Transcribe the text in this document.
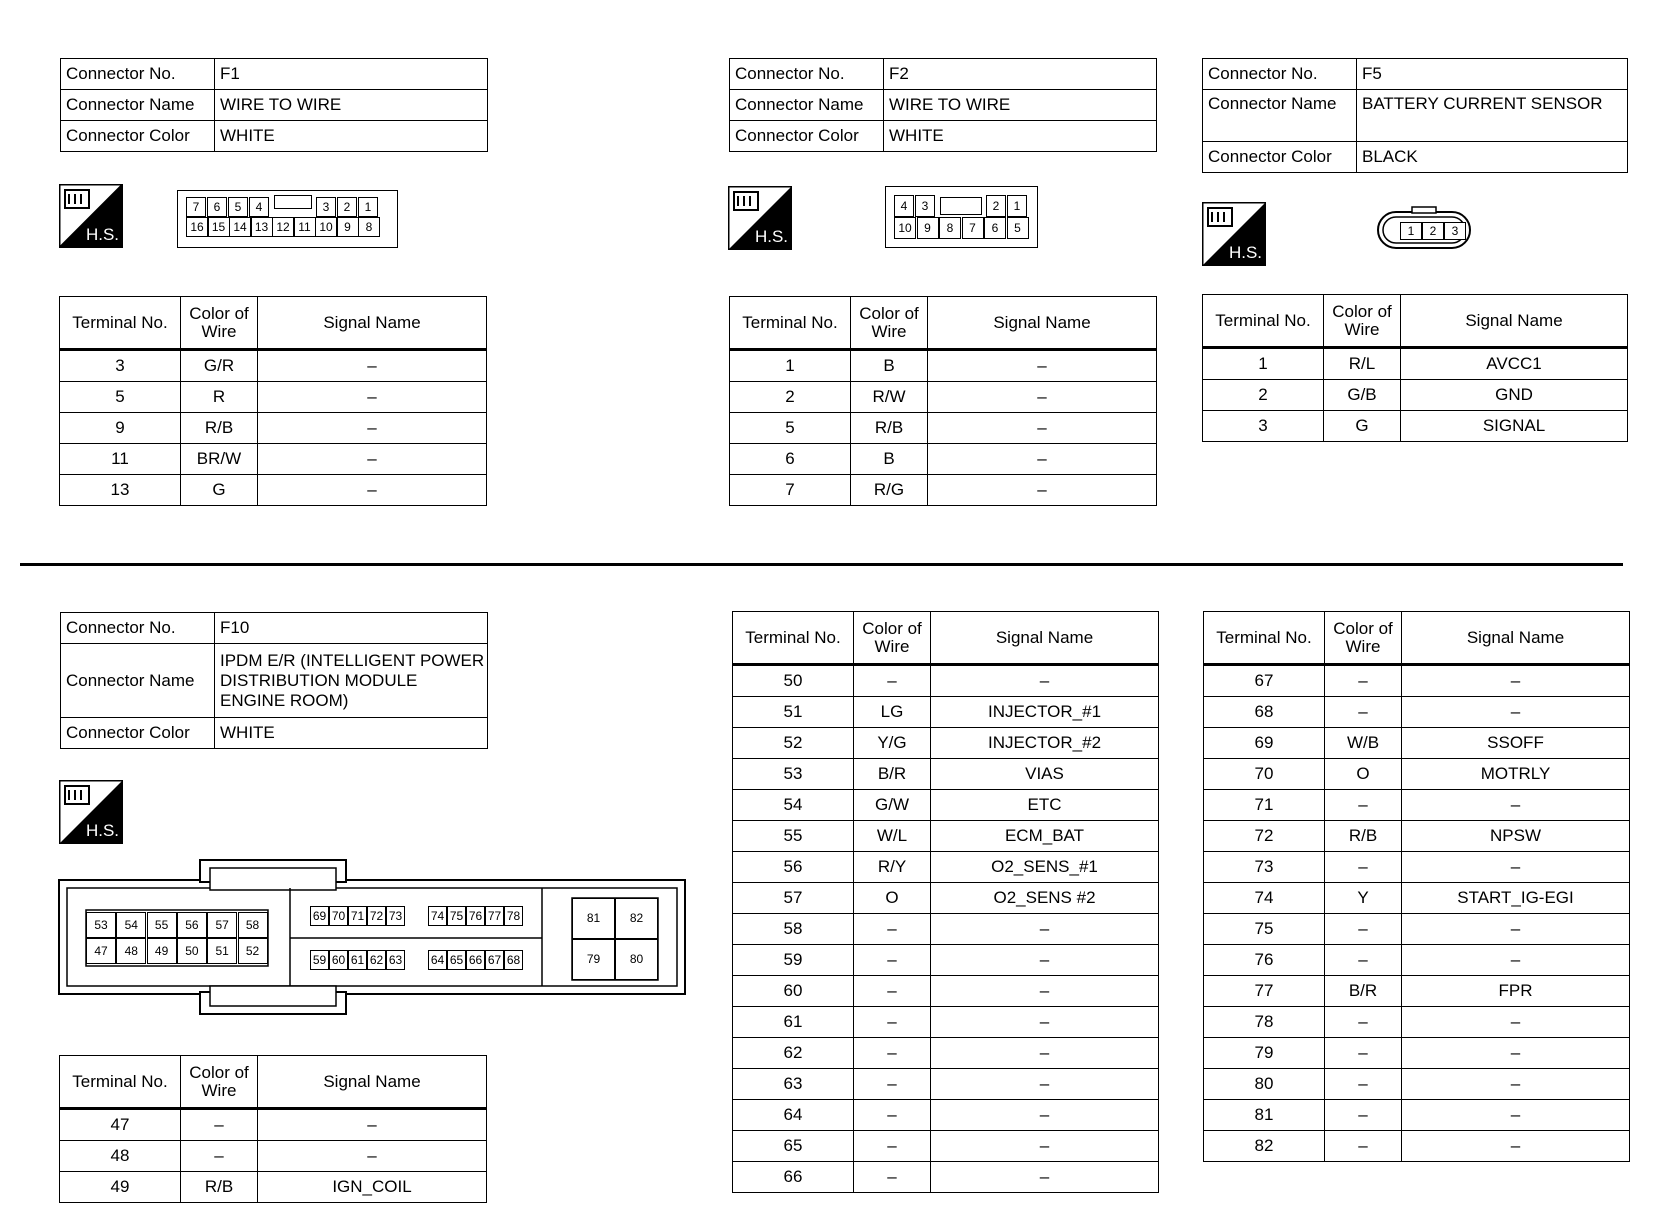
Connector No.	F1
Connector Name	WIRE TO WIRE
Connector Color	WHITE
H.S.
7	6	5	4	3	2	1
16 15 14 13 12 11 10 9	8
Terminal No.	Color of Wire	Signal Name
3	G/R	–
5	R	–
9	R/B	–
11	BR/W	–
13	G	–
Connector No.	F2
Connector Name	WIRE TO WIRE
Connector Color	WHITE
H.S.
4	3	2	1
10	9	8	7	6	5
Terminal No.	Color of Wire	Signal Name
1	B	–
2	R/W	–
5	R/B	–
6	B	–
7	R/G	–
Connector No.	F5
Connector Name	BATTERY CURRENT SENSOR
Connector Color	BLACK
H.S.
1	2	3
Terminal No.	Color of Wire	Signal Name
1	R/L	AVCC1
2	G/B	GND
3	G	SIGNAL
Connector No.	F10
Connector Name	IPDM E/R (INTELLIGENT POWER DISTRIBUTION MODULE ENGINE ROOM)
Connector Color	WHITE
H.S.
53	54	55	56	57	58
47	48	49	50	51	52
69 70 71 72 73 74 75 76 77 78
59 60 61 62 63 64 65 66 67 68
81	82
79	80
Terminal No.	Color of Wire	Signal Name
47	–	–
48	–	–
49	R/B	IGN_COIL
Terminal No.	Color of Wire	Signal Name
50	–	–
51	LG	INJECTOR_#1
52	Y/G	INJECTOR_#2
53	B/R	VIAS
54	G/W	ETC
55	W/L	ECM_BAT
56	R/Y	O2_SENS_#1
57	O	O2_SENS #2
58	–	–
59	–	–
60	–	–
61	–	–
62	–	–
63	–	–
64	–	–
65	–	–
66	–	–
Terminal No.	Color of Wire	Signal Name
67	–	–
68	–	–
69	W/B	SSOFF
70	O	MOTRLY
71	–	–
72	R/B	NPSW
73	–	–
74	Y	START_IG-EGI
75	–	–
76	–	–
77	B/R	FPR
78	–	–
79	–	–
80	–	–
81	–	–
82	–	–
